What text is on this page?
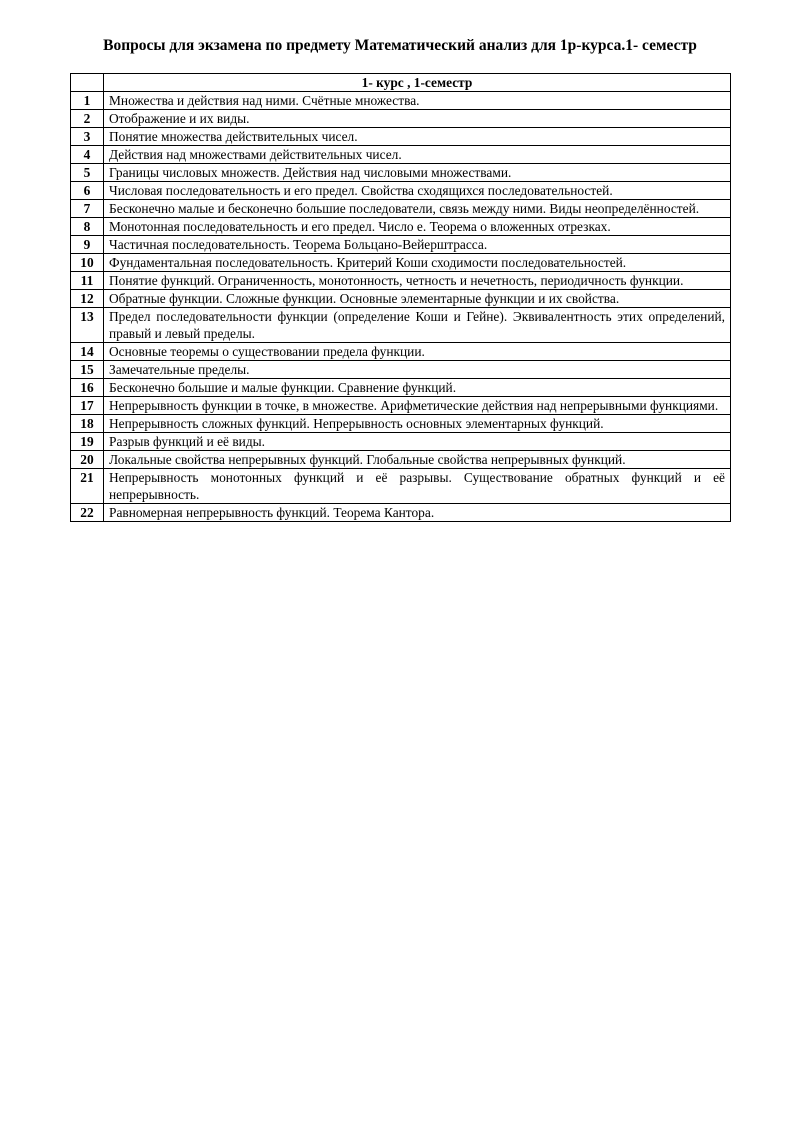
Вопросы для экзамена по предмету Математический анализ для 1р-курса.1- семестр
	1- курс , 1-семестр
1	Множества и действия над ними. Счётные множества.
2	Отображение и их виды.
3	Понятие множества действительных чисел.
4	Действия над множествами действительных чисел.
5	Границы числовых множеств. Действия над числовыми множествами.
6	Числовая последовательность и его предел. Свойства сходящихся последовательностей.
7	Бесконечно малые и бесконечно большие последователи, связь между ними. Виды неопределённостей.
8	Монотонная последовательность и его предел. Число e. Теорема о вложенных отрезках.
9	Частичная последовательность. Теорема Больцано-Вейерштрасса.
10	Фундаментальная последовательность. Критерий Коши сходимости последовательностей.
11	Понятие функций. Ограниченность, монотонность, четность и нечетность, периодичность функции.
12	Обратные функции. Сложные функции. Основные элементарные функции и их свойства.
13	Предел последовательности функции (определение Коши и Гейне). Эквивалентность этих определений, правый и левый пределы.
14	Основные теоремы о существовании предела функции.
15	Замечательные пределы.
16	Бесконечно большие и малые функции. Сравнение функций.
17	Непрерывность функции в точке, в множестве. Арифметические действия над непрерывными функциями.
18	Непрерывность сложных функций. Непрерывность основных элементарных функций.
19	Разрыв функций и её виды.
20	Локальные свойства непрерывных функций. Глобальные свойства непрерывных функций.
21	Непрерывность монотонных функций и её разрывы. Существование обратных функций и её непрерывность.
22	Равномерная непрерывность функций. Теорема Кантора.
